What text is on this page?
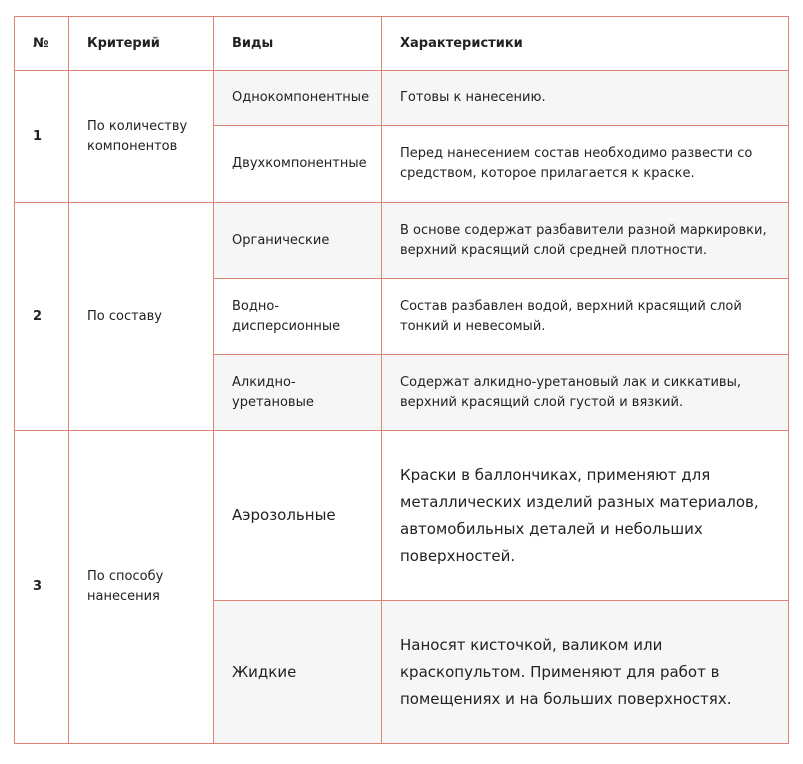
№	Критерий	Виды	Характеристики
1	По количеству компонентов	Однокомпонентные	Готовы к нанесению.
		Двухкомпонентные	Перед нанесением состав необходимо развести со средством, которое прилагается к краске.
2	По составу	Органические	В основе содержат разбавители разной маркировки, верхний красящий слой средней плотности.
		Водно-дисперсионные	Состав разбавлен водой, верхний красящий слой тонкий и невесомый.
		Алкидно-уретановые	Содержат алкидно-уретановый лак и сиккативы, верхний красящий слой густой и вязкий.
3	По способу нанесения	Аэрозольные	Краски в баллончиках, применяют для металлических изделий разных материалов, автомобильных деталей и небольших поверхностей.
		Жидкие	Наносят кисточкой, валиком или краскопультом. Применяют для работ в помещениях и на больших поверхностях.
